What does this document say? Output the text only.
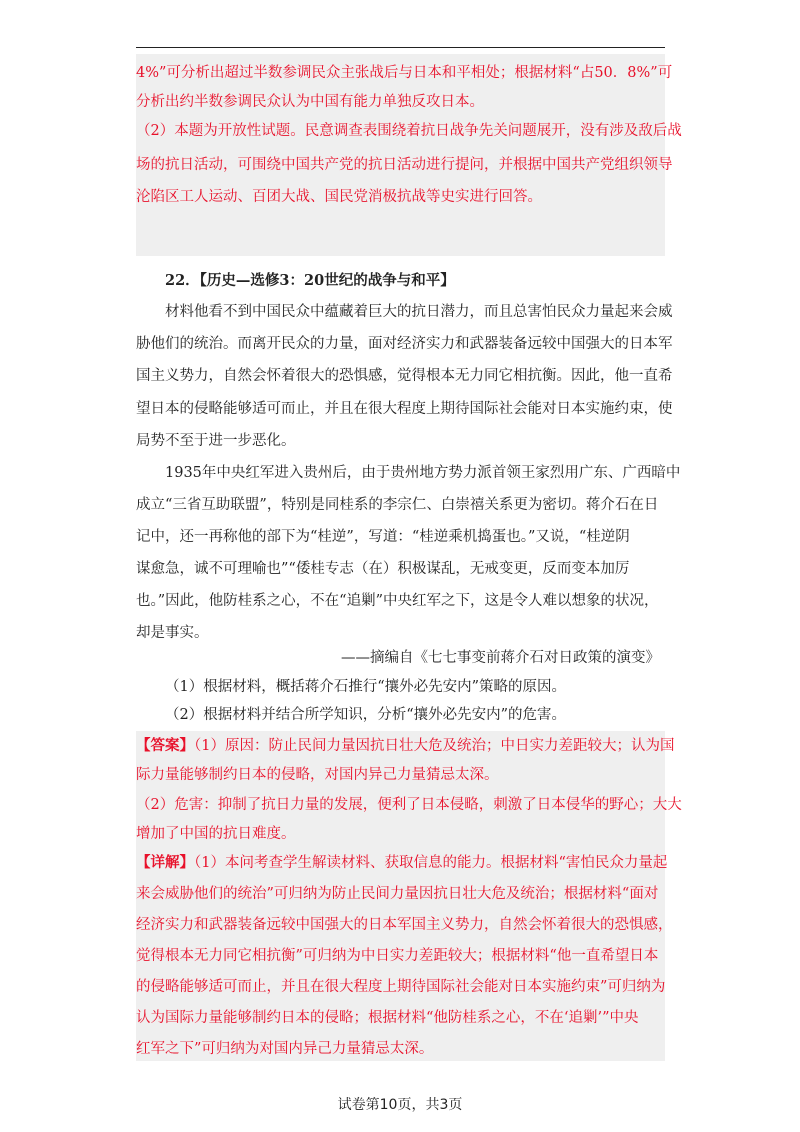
4%”可分析出超过半数参调民众主张战后与日本和平相处；根据材料“占50．8%”可
分析出约半数参调民众认为中国有能力单独反攻日本。
（2）本题为开放性试题。民意调查表围绕着抗日战争先关问题展开，没有涉及敌后战
场的抗日活动，可围绕中国共产党的抗日活动进行提问，并根据中国共产党组织领导
沦陷区工人运动、百团大战、国民党消极抗战等史实进行回答。
22．【历史—选修3：20世纪的战争与和平】
材料他看不到中国民众中蕴藏着巨大的抗日潜力，而且总害怕民众力量起来会威
胁他们的统治。而离开民众的力量，面对经济实力和武器装备远较中国强大的日本军
国主义势力，自然会怀着很大的恐惧感，觉得根本无力同它相抗衡。因此，他一直希
望日本的侵略能够适可而止，并且在很大程度上期待国际社会能对日本实施约束，使
局势不至于进一步恶化。
1935年中央红军进入贵州后，由于贵州地方势力派首领王家烈用广东、广西暗中
成立“三省互助联盟”，特别是同桂系的李宗仁、白崇禧关系更为密切。蒋介石在日
记中，还一再称他的部下为“桂逆”，写道：“桂逆乘机捣蛋也。”又说，“桂逆阴
谋愈急，诚不可理喻也”“倭桂专志（在）积极谋乱，无戒变更，反而变本加厉
也。”因此，他防桂系之心，不在“追剿”中央红军之下，这是令人难以想象的状况，
却是事实。
——摘编自《七七事变前蒋介石对日政策的演变》
（1）根据材料，概括蒋介石推行“攘外必先安内”策略的原因。
（2）根据材料并结合所学知识，分析“攘外必先安内”的危害。
【答案】（1）原因：防止民间力量因抗日壮大危及统治；中日实力差距较大；认为国
际力量能够制约日本的侵略，对国内异己力量猜忌太深。
（2）危害：抑制了抗日力量的发展，便利了日本侵略，刺激了日本侵华的野心；大大
增加了中国的抗日难度。
【详解】（1）本问考查学生解读材料、获取信息的能力。根据材料“害怕民众力量起
来会威胁他们的统治”可归纳为防止民间力量因抗日壮大危及统治；根据材料“面对
经济实力和武器装备远较中国强大的日本军国主义势力，自然会怀着很大的恐惧感，
觉得根本无力同它相抗衡”可归纳为中日实力差距较大；根据材料“他一直希望日本
的侵略能够适可而止，并且在很大程度上期待国际社会能对日本实施约束”可归纳为
认为国际力量能够制约日本的侵略；根据材料“他防桂系之心，不在‘追剿’”中央
红军之下”可归纳为对国内异己力量猜忌太深。
试卷第10页，共3页
